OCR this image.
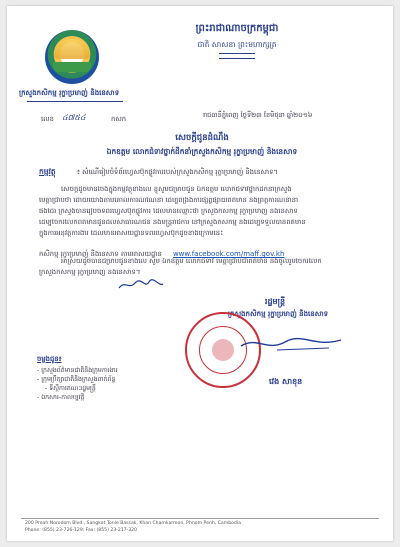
ព្រះរាជាណាចក្រកម្ពុជា
ជាតិ សាសនា ព្រះមហាក្សត្រ
ក្រសួងកសិកម្ម រុក្ខាប្រមាញ់ និងនេសាទ
លេខ ៤៧៥៤	កសក	រាជធានីភ្នំពេញ ថ្ងៃទី២៣ ខែមិថុនា ឆ្នាំ២០១៦
សេចក្តីជូនដំណឹង
ឯកឧត្តម លោកជំទាវថ្នាក់ដឹកនាំក្រសួងកសិកម្ម រុក្ខាប្រមាញ់ និងនេសាទ
កម្មវត្ថុ	៖ សំណើរៀបចំទំព័រហ្វេសប៊ុកផ្លូវការរបស់ក្រសួងកសិកម្ម រុក្ខាប្រមាញ់ និងនេសាទ។
សេចក្តីដូចមានចែងក្នុងកម្មវត្ថុខាងលើ ខ្ញុំសូមជម្រាបជូន ឯកឧត្តម លោកជំទាវថ្នាក់ដឹកនាំក្រសួង
មេត្តាជ្រាបថា ដោយយោងតាមគោលការណ៍ណែនាំ ដើម្បីពង្រឹងការផ្សព្វផ្សាយព័ត៌មាន និងព្រឹត្តិការណ៍នានា
ផងដែរ ក្រសួងបានរៀបចំទំព័រហ្វេសប៊ុកផ្លូវការ ដែលមានឈ្មោះថា ក្រសួងកសិកម្ម រុក្ខាប្រមាញ់ និងនេសាទ
ដើម្បីចែករំលែកព័ត៌មានជូនដល់សាធារណជន និងមន្ត្រីរាជការ នៅក្រសួងកសិកម្ម និងដើម្បីទទួលបានព័ត៌មាន
ក្នុងការអនុវត្តការងារ ដែលមានអាសយដ្ឋានទំព័រហ្វេសប៊ុកដូចខាងក្រោមនេះ
កសិកម្ម រុក្ខាប្រមាញ់ និងនេសាទ តាមអាសយដ្ឋាន www.facebook.com/maff.gov.kh
អាស្រ័យដូចបានជម្រាបជូនខាងលើ សូម ឯកឧត្តម លោកជំទាវ មេត្តាជ្រាបជាព័ត៌មាន និងចូលរួមចែករំលែក
ក្រសួងកសិកម្ម រុក្ខាប្រមាញ់ និងនេសាទ។
រដ្ឋមន្ត្រី
ក្រសួងកសិកម្ម រុក្ខាប្រមាញ់ និងនេសាទ
វេង សាខុន
ចម្លងជូន៖
- ក្រសួងព័ត៌មានជាតិនិងក្រុមការងារ
- ក្រុមប្រឹក្សាជាតិនិងក្រសួងពាក់ព័ន្ធ
- ទីស្តីការគណៈរដ្ឋមន្ត្រី
- ឯកសារ-កាលប្បវត្តិ
200 Preah Norodom Blvd., Sangkat Tonle Bassak, Khan Chamkarmon, Phnom Penh, Cambodia
Phone: (855) 23-726-129; Fax: (855) 23-217-320
